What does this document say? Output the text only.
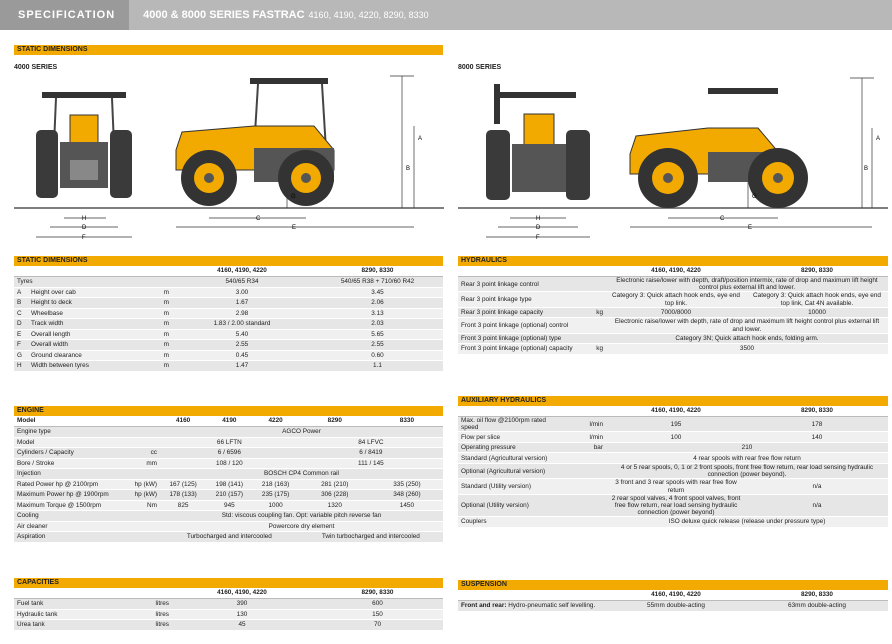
SPECIFICATION	4000 & 8000 SERIES FASTRAC 4160, 4190, 4220, 8290, 8330
STATIC DIMENSIONS
4000 SERIES	8000 SERIES
A
B
G
H
D
F
C
E
A
B
G
H
D
F
C
E
STATIC DIMENSIONS
			4160, 4190, 4220	8290, 8330
Tyres			540/65 R34	540/65 R38 + 710/60 R42
A	Height over cab	m	3.00	3.45
B	Height to deck	m	1.67	2.06
C	Wheelbase	m	2.98	3.13
D	Track width	m	1.83 / 2.00 standard	2.03
E	Overall length	m	5.40	5.65
F	Overall width	m	2.55	2.55
G	Ground clearance	m	0.45	0.60
H	Width between tyres	m	1.47	1.1
ENGINE
Model		4160	4190	4220	8290	8330
Engine type		AGCO Power				
Model		66 LFTN			84 LFVC	
Cylinders / Capacity	cc	6 / 6596			6 / 8419	
Bore / Stroke	mm	108 / 120			111 / 145	
Injection		BOSCH CP4 Common rail				
Rated Power hp @ 2100rpm	hp (kW)	167 (125)	198 (141)	218 (163)	281 (210)	335 (250)
Maximum Power hp @ 1900rpm	hp (kW)	178 (133)	210 (157)	235 (175)	306 (228)	348 (260)
Maximum Torque @ 1500rpm	Nm	825	945	1000	1320	1450
Cooling		Std: viscous coupling fan. Opt: variable pitch reverse fan				
Air cleaner		Powercore dry element				
Aspiration		Turbocharged and intercooled			Twin turbocharged and intercooled	
CAPACITIES
		4160, 4190, 4220	8290, 8330
Fuel tank	litres	390	600
Hydraulic tank	litres	130	150
Urea tank	litres	45	70
HYDRAULICS
		4160, 4190, 4220	8290, 8330
Rear 3 point linkage control		Electronic raise/lower with depth, draft/position intermix, rate of drop and maximum lift height control plus external lift and lower.	
Rear 3 point linkage type		Category 3: Quick attach hook ends, eye end top link.	Category 3: Quick attach hook ends, eye end top link, Cat 4N available.
Rear 3 point linkage capacity	kg	7000/8000	10000
Front 3 point linkage (optional) control		Electronic raise/lower with depth, rate of drop and maximum lift height control plus external lift and lower.	
Front 3 point linkage (optional) type		Category 3N; Quick attach hook ends, folding arm.	
Front 3 point linkage (optional) capacity	kg	3500	
AUXILIARY HYDRAULICS
		4160, 4190, 4220	8290, 8330
Max. oil flow @2100rpm rated speed	l/min	195	178
Flow per slice	l/min	100	140
Operating pressure	bar	210	
Standard (Agricultural version)		4 rear spools with rear free flow return	
Optional (Agricultural version)		4 or 5 rear spools, 0, 1 or 2 front spools, front free flow return, rear load sensing hydraulic connection (power beyond).	
Standard (Utility version)		3 front and 3 rear spools with rear free flow return	n/a
Optional (Utility version)		2 rear spool valves, 4 front spool valves, front free flow return, rear load sensing hydraulic connection (power beyond)	n/a
Couplers		ISO deluxe quick release (release under pressure type)	
SUSPENSION
	4160, 4190, 4220	8290, 8330
Front and rear: Hydro-pneumatic self levelling.	55mm double-acting	63mm double-acting
